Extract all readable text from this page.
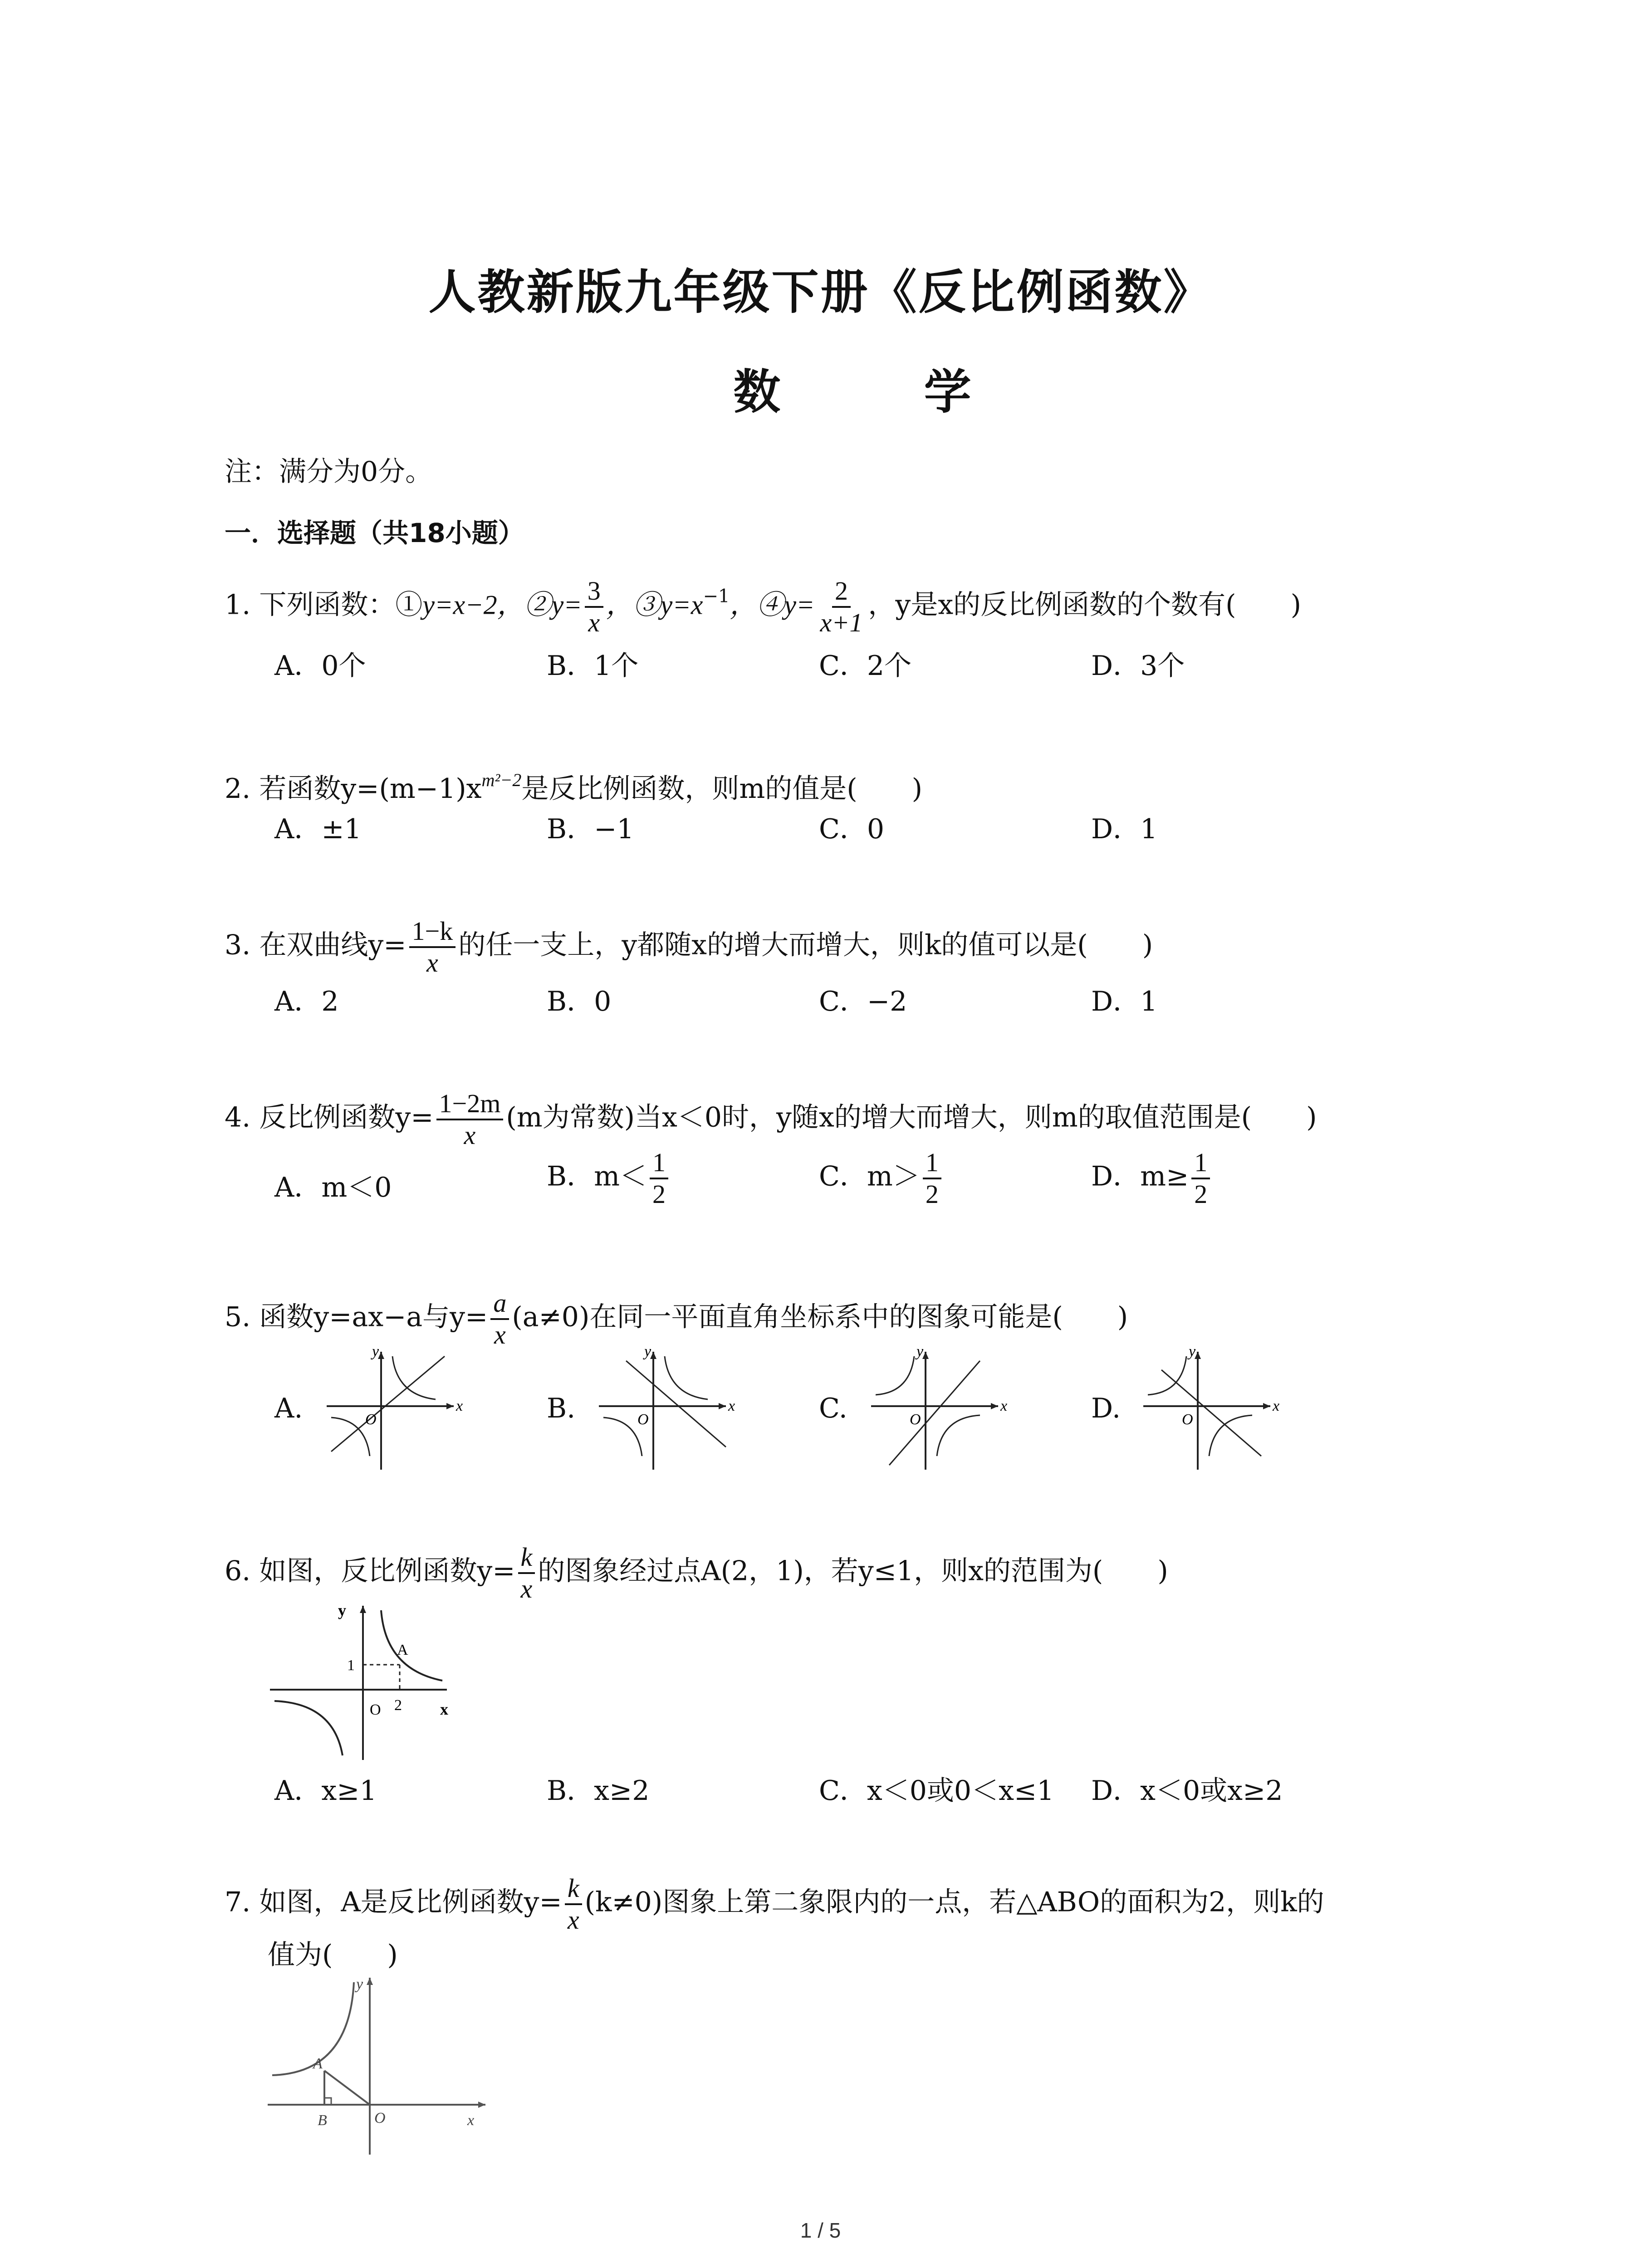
人教新版九年级下册《反比例函数》
数 学
注：满分为0分。
一．选择题（共18小题）
1. 下列函数：①y=x−2，②y= $\frac{3}{x}$ ，$③y=x^{-1}$，④y= $\frac{2}{x+1}$ ，y是x的反比例函数的个数有(　　)
A．0个	B．1个	C．2个	D．3个
2. 若函数$y=(m-1)x^{m^2-2}$是反比例函数，则m的值是(　　)
A．±1	B．−1	C．0	D．1
3. 在双曲线$y= \frac{1-k}{x}$ 的任一支上，y都随x的增大而增大，则k的值可以是(　　)
A．2	B．0	C．−2	D．1
4. 反比例函数$y= \frac{1-2m}{x} (m$为常数)当x＜0时，y随x的增大而增大，则m的取值范围是(　　)
A．m＜0	B．$m< \frac{1}{2}$	C．$m> \frac{1}{2}$	D．$m\ge \frac{1}{2}$
5. 函数y=ax−a与$y= \frac{a}{x} (a\ne 0)$在同一平面直角坐标系中的图象可能是(　　)
A.	B.	C.	D.
x
y
O
x
y
O
x
y
O
x
y
O
6. 如图，反比例函数$y= \frac{k}{x}$ 的图象经过点A(2，1)，若y≤1，则x的范围为(　　)
y
x
1
2
A
O
A．x≥1	B．x≥2	C．x＜0或0＜x≤1 D．x＜0或x≥2
7. 如图，A是反比例函数$y= \frac{k}{x} (k\ne 0)$图象上第二象限内的一点，若△ABO的面积为2，则k的
值为(　　)
y
x
A
B	O
1 / 5
